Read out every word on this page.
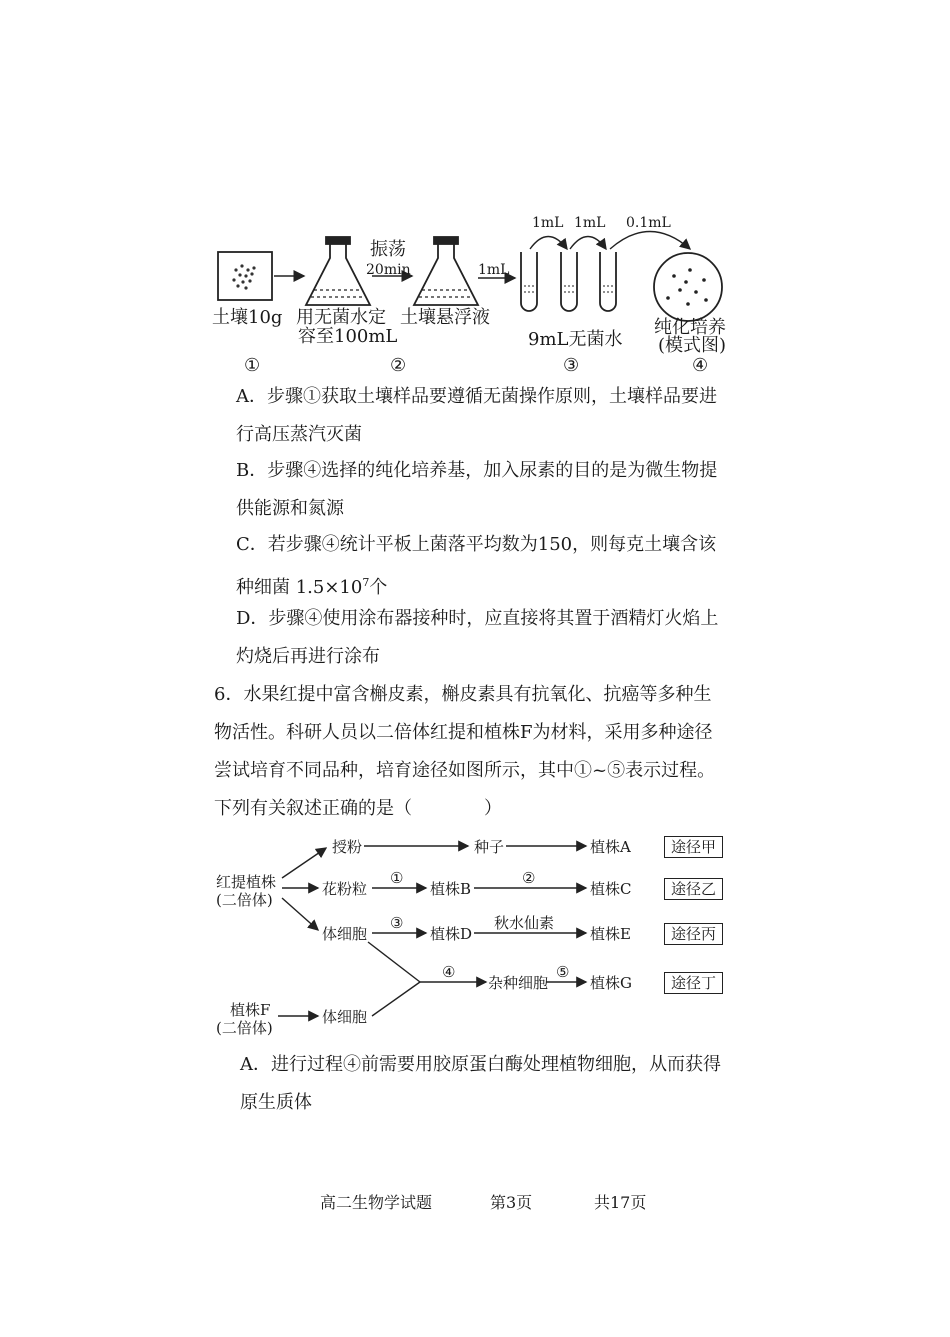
1mL 1mL 0.1mL
振荡
20min	1mL
土壤10g 用无菌水定
容至100mL
土壤悬浮液
9mL无菌水
纯化培养
(模式图)
①	②	③	④
A．步骤①获取土壤样品要遵循无菌操作原则，土壤样品要进
行高压蒸汽灭菌
B．步骤④选择的纯化培养基，加入尿素的目的是为微生物提
供能源和氮源
C．若步骤④统计平板上菌落平均数为150，则每克土壤含该
种细菌 $1.5\times 10^7$个
D．步骤④使用涂布器接种时，应直接将其置于酒精灯火焰上
灼烧后再进行涂布
6．水果红提中富含槲皮素，槲皮素具有抗氧化、抗癌等多种生
物活性。科研人员以二倍体红提和植株F为材料，采用多种途径
尝试培育不同品种，培育途径如图所示，其中①~⑤表示过程。
下列有关叙述正确的是（　　　　）
红提植株
(二倍体)
植株F
(二倍体)
授粉	种子	植株A
花粉粒
①
植株B
②
植株C
体细胞
③
植株D
秋水仙素
植株E
④
杂种细胞
⑤
植株G
体细胞
途径甲
途径乙
途径丙
途径丁
A．进行过程④前需要用胶原蛋白酶处理植物细胞，从而获得
原生质体
高二生物学试题	第3页	共17页
